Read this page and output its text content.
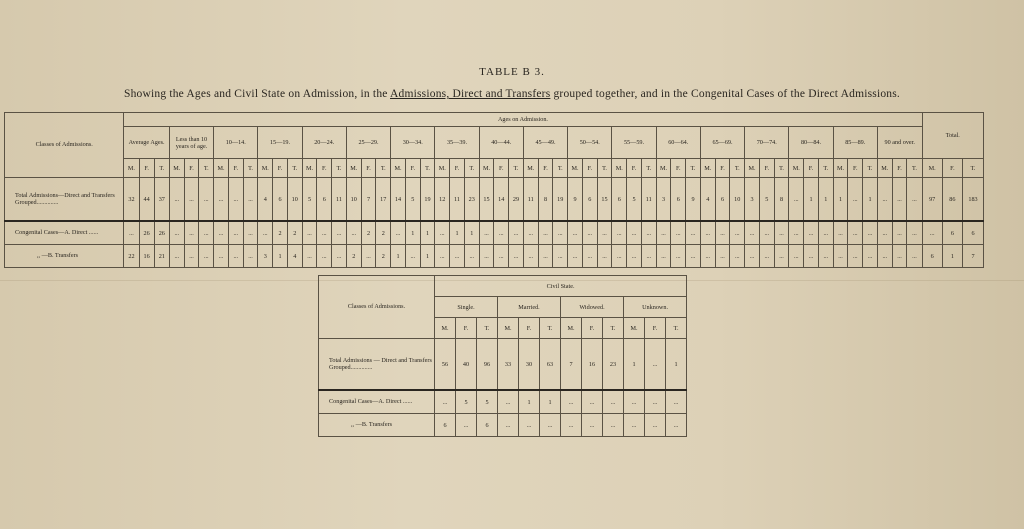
TABLE B 3.
Showing the Ages and Civil State on Admission, in the Admissions, Direct and Transfers grouped together, and in the Congenital Cases of the Direct Admissions.
Classes of Admissions.	Ages on Admission.																																																						Total.		
	Average Ages.			Less than 10 years of age.			10—14.			15—19.			20—24.			25—29.			30—34.			35—39.			40—44.			45—49.			50—54.			55—59.			60—64.			65—69.			70—74.			80—84.			85—89.			90 and over.					
	M.	F.	T.	M.	F.	T.	M.	F.	T.	M.	F.	T.	M.	F.	T.	M.	F.	T.	M.	F.	T.	M.	F.	T.	M.	F.	T.	M.	F.	T.	M.	F.	T.	M.	F.	T.	M.	F.	T.	M.	F.	T.	M.	F.	T.	M.	F.	T.	M.	F.	T.	M.	F.	T.	M.	F.	T.
Total Admissions—Direct and Transfers Grouped..............	32	44	37	...	...	...	...	...	...	4	6	10	5	6	11	10	7	17	14	5	19	12	11	23	15	14	29	11	8	19	9	6	15	6	5	11	3	6	9	4	6	10	3	5	8	...	1	1	1	...	1	...	...	...	97	86	183
Congenital Cases—A. Direct ......	...	26	26	...	...	...	...	...	...	...	2	2	...	...	...	...	2	2	...	1	1	...	1	1	...	...	...	...	...	...	...	...	...	...	...	...	...	...	...	...	...	...	...	...	...	...	...	...	...	...	...	...	...	...	...	6	6
,, —B. Transfers	22	16	21	...	...	...	...	...	...	3	1	4	...	...	...	2	...	2	1	...	1	...	...	...	...	...	...	...	...	...	...	...	...	...	...	...	...	...	...	...	...	...	...	...	...	...	...	...	...	...	...	...	...	...	6	1	7
Classes of Admissions.	Civil State.											
	Single.			Married.			Widowed.			Unknown.		
	M.	F.	T.	M.	F.	T.	M.	F.	T.	M.	F.	T.
Total Admissions — Direct and Transfers Grouped..............	56	40	96	33	30	63	7	16	23	1	...	1
Congenital Cases—A. Direct ......	...	5	5	...	1	1	...	...	...	...	...	...
,, —B. Transfers	6	...	6	...	...	...	...	...	...	...	...	...
